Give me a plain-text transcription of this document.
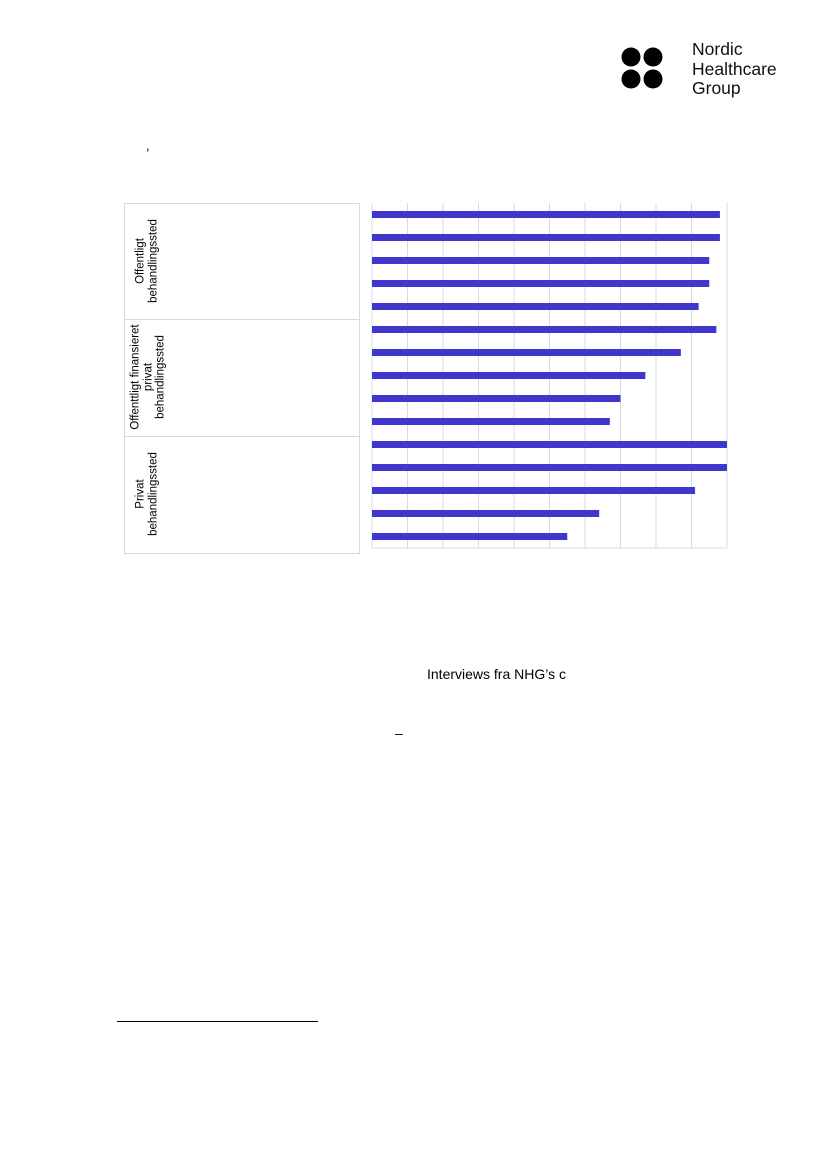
Nordic
Healthcare
Group
,
Offentligt behandlingssted
Offenttligt finansieret privat behandlingssted
Privat behandlingssted
Interviews fra NHG’s c
–
